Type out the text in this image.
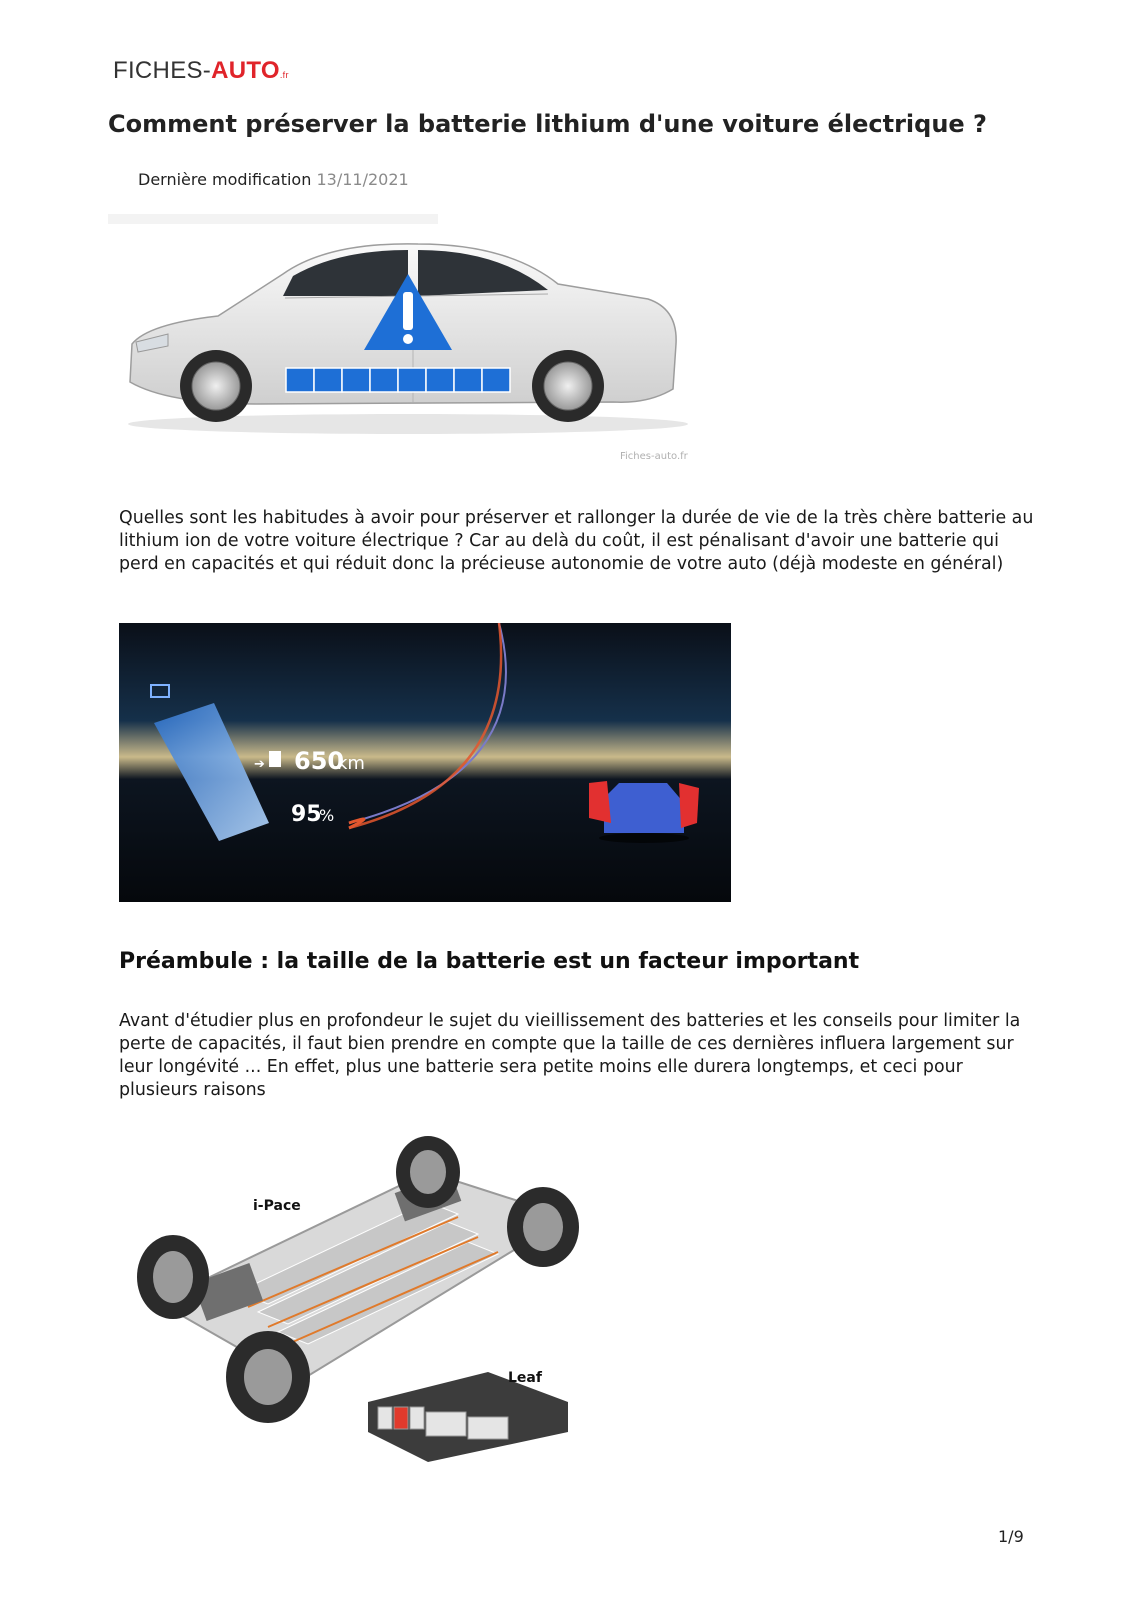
FICHES-AUTO.fr
Comment préserver la batterie lithium d'une voiture électrique ?
Dernière modification 13/11/2021
Fiches-auto.fr

Quelles sont les habitudes à avoir pour préserver et rallonger la durée de vie de la très chère batterie au lithium ion de votre voiture électrique ? Car au delà du coût, il est pénalisant d'avoir une batterie qui perd en capacités et qui réduit donc la précieuse autonomie de votre auto (déjà modeste en général)

➔ 650
km
95
%
Préambule : la taille de la batterie est un facteur important

Avant d'étudier plus en profondeur le sujet du vieillissement des batteries et les conseils pour limiter la perte de capacités, il faut bien prendre en compte que la taille de ces dernières influera largement sur leur longévité ... En effet, plus une batterie sera petite moins elle durera longtemps, et ceci pour plusieurs raisons

i-Pace
Leaf
1/9
